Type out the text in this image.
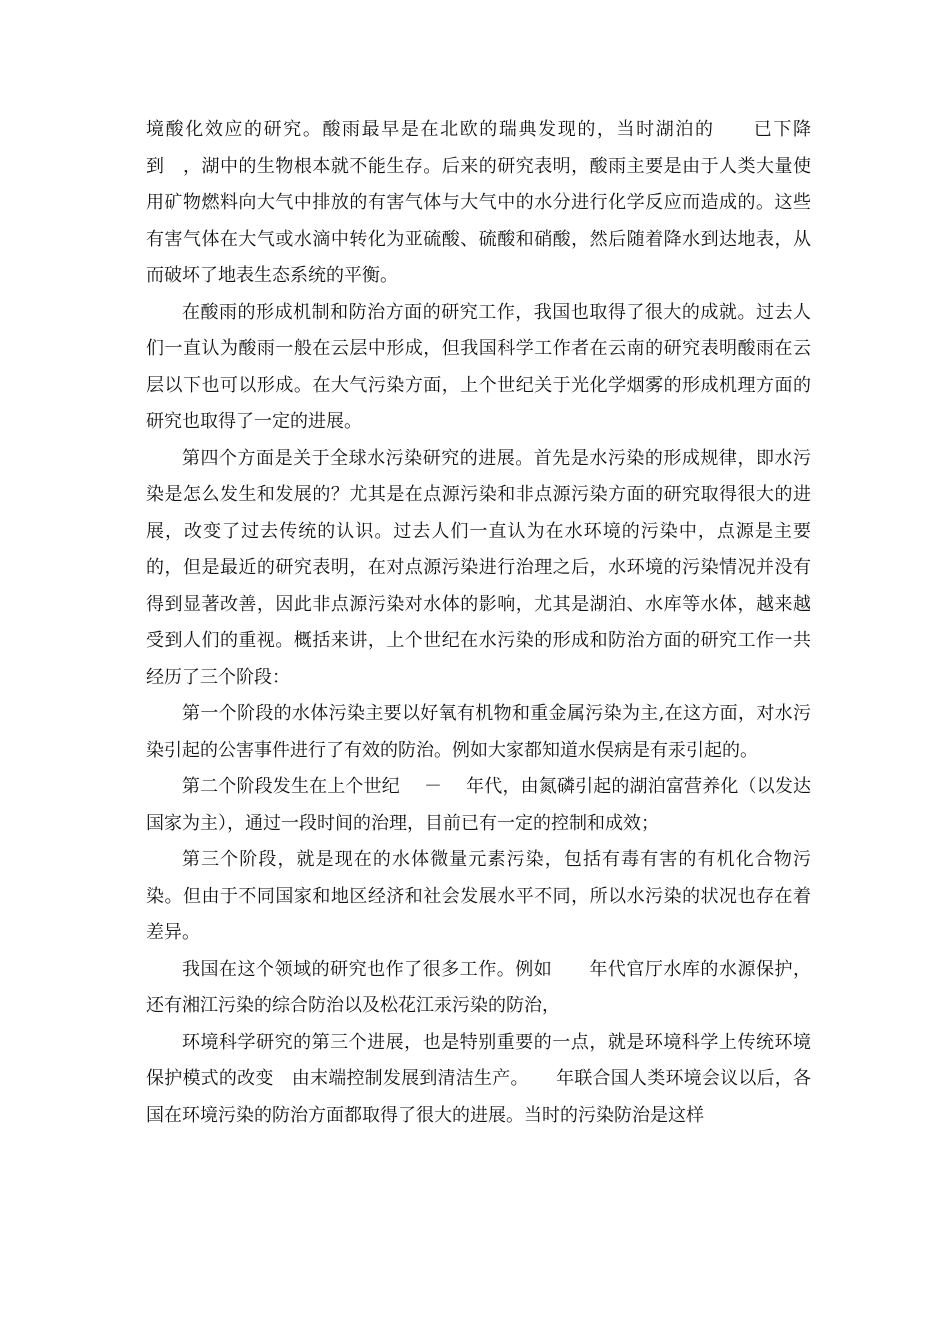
境酸化效应的研究。酸雨最早是在北欧的瑞典发现的，当时湖泊的　　已下降到　，湖中的生物根本就不能生存。后来的研究表明，酸雨主要是由于人类大量使用矿物燃料向大气中排放的有害气体与大气中的水分进行化学反应而造成的。这些有害气体在大气或水滴中转化为亚硫酸、硫酸和硝酸，然后随着降水到达地表，从而破坏了地表生态系统的平衡。

在酸雨的形成机制和防治方面的研究工作，我国也取得了很大的成就。过去人们一直认为酸雨一般在云层中形成，但我国科学工作者在云南的研究表明酸雨在云层以下也可以形成。在大气污染方面，上个世纪关于光化学烟雾的形成机理方面的研究也取得了一定的进展。

第四个方面是关于全球水污染研究的进展。首先是水污染的形成规律，即水污染是怎么发生和发展的？尤其是在点源污染和非点源污染方面的研究取得很大的进展，改变了过去传统的认识。过去人们一直认为在水环境的污染中，点源是主要的，但是最近的研究表明，在对点源污染进行治理之后，水环境的污染情况并没有得到显著改善，因此非点源污染对水体的影响，尤其是湖泊、水库等水体，越来越受到人们的重视。概括来讲，上个世纪在水污染的形成和防治方面的研究工作一共经历了三个阶段：

第一个阶段的水体污染主要以好氧有机物和重金属污染为主,在这方面，对水污染引起的公害事件进行了有效的防治。例如大家都知道水俣病是有汞引起的。

第二个阶段发生在上个世纪　 －　 年代，由氮磷引起的湖泊富营养化（以发达国家为主），通过一段时间的治理，目前已有一定的控制和成效；

第三个阶段，就是现在的水体微量元素污染，包括有毒有害的有机化合物污染。但由于不同国家和地区经济和社会发展水平不同，所以水污染的状况也存在着差异。

我国在这个领域的研究也作了很多工作。例如　　年代官厅水库的水源保护，还有湘江污染的综合防治以及松花江汞污染的防治，

环境科学研究的第三个进展，也是特别重要的一点，就是环境科学上传统环境保护模式的改变　由末端控制发展到清洁生产。　　年联合国人类环境会议以后，各国在环境污染的防治方面都取得了很大的进展。当时的污染防治是这样
